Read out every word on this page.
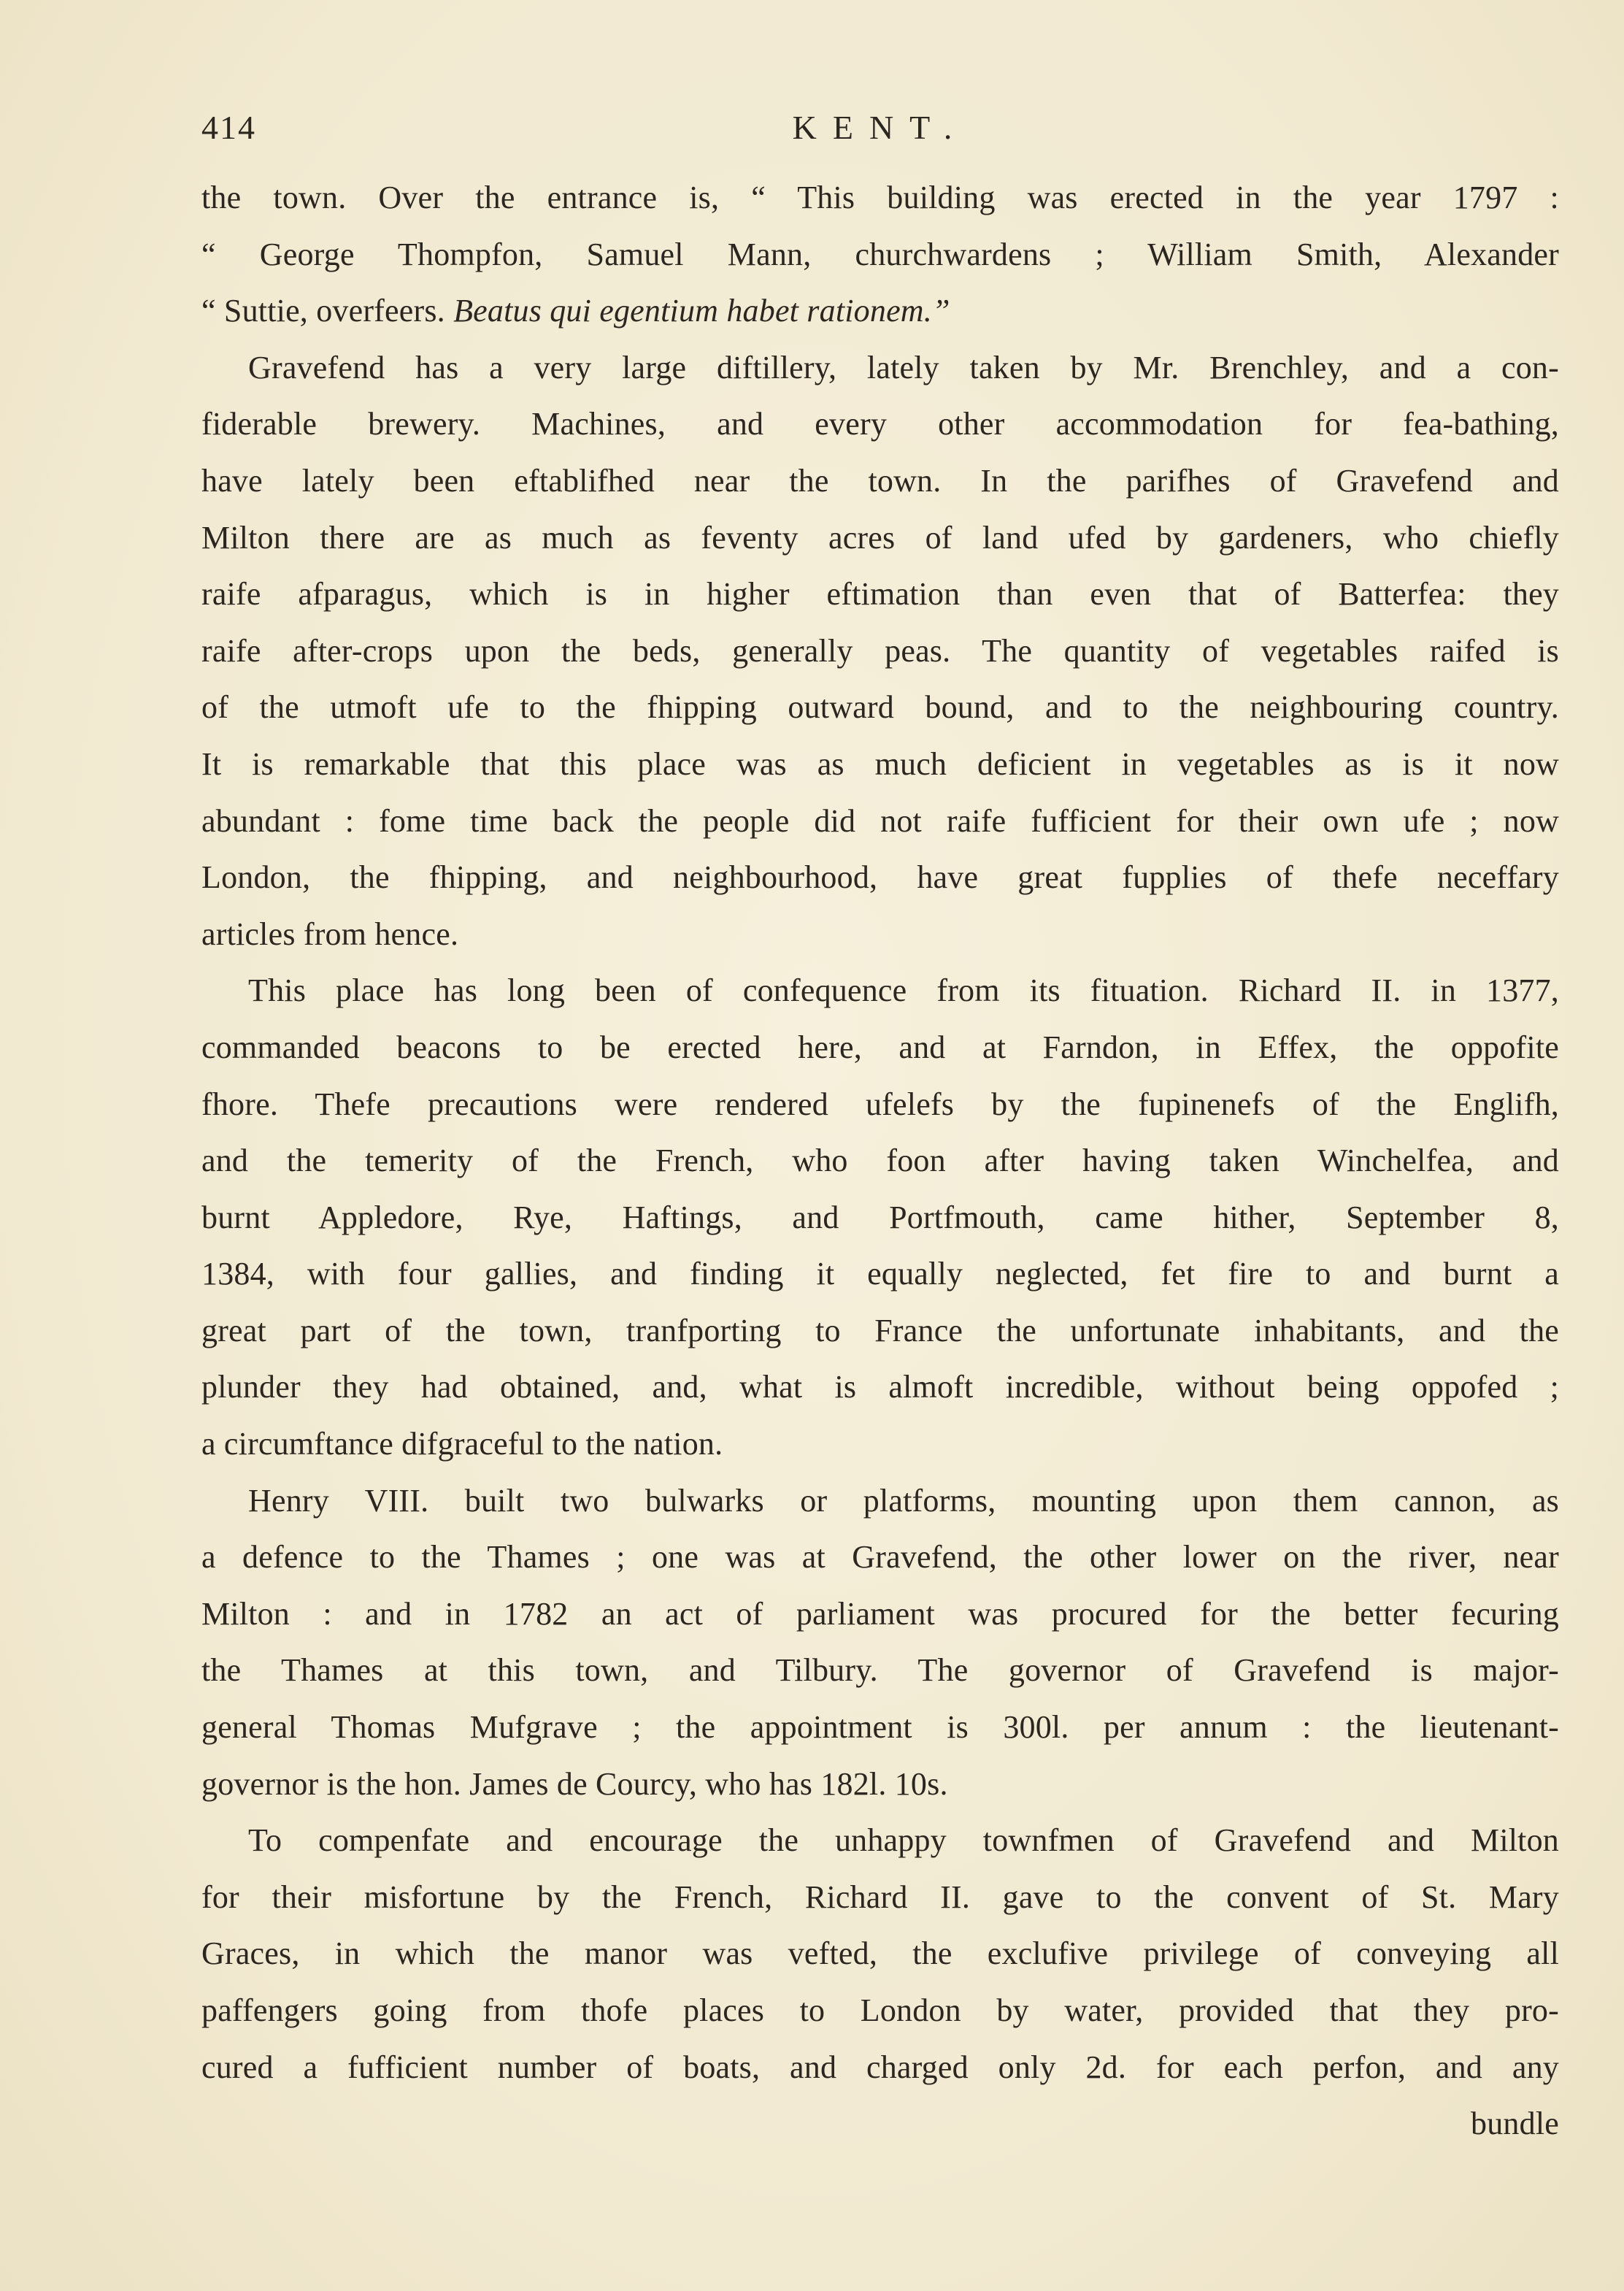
414	KENT.
the town. Over the entrance is, “ This building was erected in the year 1797 :
“ George Thompfon, Samuel Mann, churchwardens ; William Smith, Alexander
“ Suttie, overfeers. Beatus qui egentium habet rationem.”
Gravefend has a very large diftillery, lately taken by Mr. Brenchley, and a con-
fiderable brewery. Machines, and every other accommodation for fea-bathing,
have lately been eftablifhed near the town. In the parifhes of Gravefend and
Milton there are as much as feventy acres of land ufed by gardeners, who chiefly
raife afparagus, which is in higher eftimation than even that of Batterfea: they
raife after-crops upon the beds, generally peas. The quantity of vegetables raifed is
of the utmoft ufe to the fhipping outward bound, and to the neighbouring country.
It is remarkable that this place was as much deficient in vegetables as is it now
abundant : fome time back the people did not raife fufficient for their own ufe ; now
London, the fhipping, and neighbourhood, have great fupplies of thefe neceffary
articles from hence.
This place has long been of confequence from its fituation. Richard II. in 1377,
commanded beacons to be erected here, and at Farndon, in Effex, the oppofite
fhore. Thefe precautions were rendered ufelefs by the fupinenefs of the Englifh,
and the temerity of the French, who foon after having taken Winchelfea, and
burnt Appledore, Rye, Haftings, and Portfmouth, came hither, September 8,
1384, with four gallies, and finding it equally neglected, fet fire to and burnt a
great part of the town, tranfporting to France the unfortunate inhabitants, and the
plunder they had obtained, and, what is almoft incredible, without being oppofed ;
a circumftance difgraceful to the nation.
Henry VIII. built two bulwarks or platforms, mounting upon them cannon, as
a defence to the Thames ; one was at Gravefend, the other lower on the river, near
Milton : and in 1782 an act of parliament was procured for the better fecuring
the Thames at this town, and Tilbury. The governor of Gravefend is major-
general Thomas Mufgrave ; the appointment is 300l. per annum : the lieutenant-
governor is the hon. James de Courcy, who has 182l. 10s.
To compenfate and encourage the unhappy townfmen of Gravefend and Milton
for their misfortune by the French, Richard II. gave to the convent of St. Mary
Graces, in which the manor was vefted, the exclufive privilege of conveying all
paffengers going from thofe places to London by water, provided that they pro-
cured a fufficient number of boats, and charged only 2d. for each perfon, and any
bundle
